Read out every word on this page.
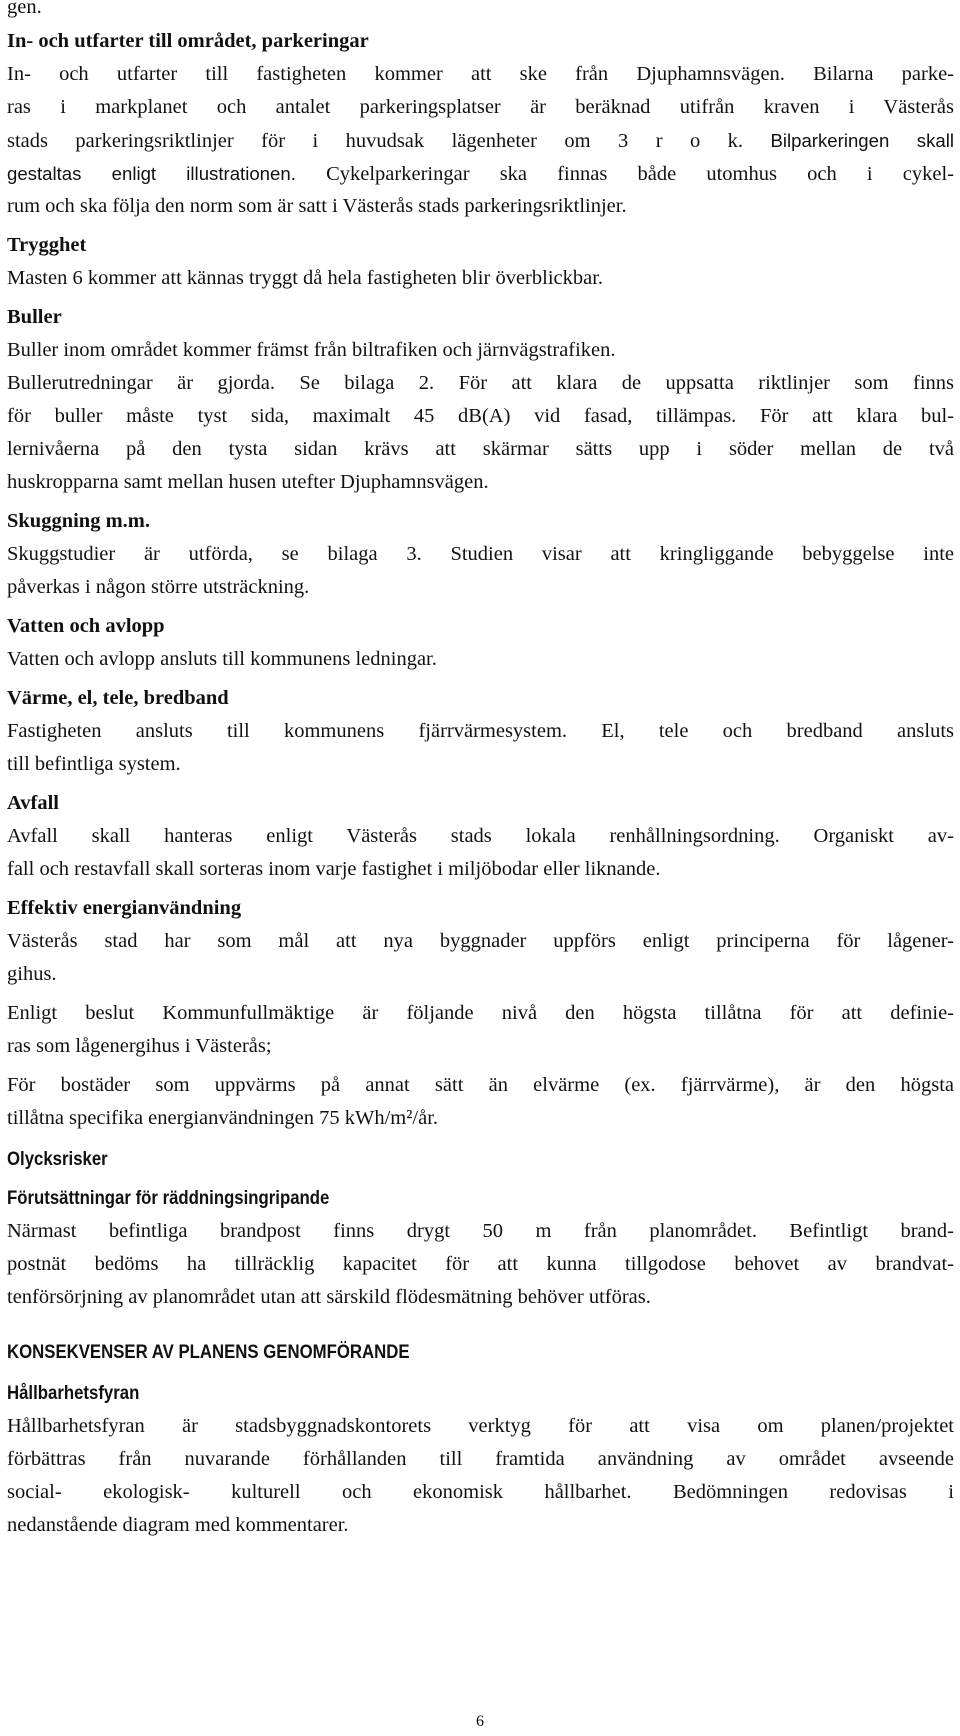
gen.
In- och utfarter till området, parkeringar
In- och utfarter till fastigheten kommer att ske från Djuphamnsvägen. Bilarna parke-
ras i markplanet och antalet parkeringsplatser är beräknad utifrån kraven i Västerås
stads parkeringsriktlinjer för i huvudsak lägenheter om 3 r o k. Bilparkeringen skall
gestaltas enligt illustrationen. Cykelparkeringar ska finnas både utomhus och i cykel-
rum och ska följa den norm som är satt i Västerås stads parkeringsriktlinjer.
Trygghet
Masten 6 kommer att kännas tryggt då hela fastigheten blir överblickbar.
Buller
Buller inom området kommer främst från biltrafiken och järnvägstrafiken.
Bullerutredningar är gjorda. Se bilaga 2. För att klara de uppsatta riktlinjer som finns
för buller måste tyst sida, maximalt 45 dB(A) vid fasad, tillämpas. För att klara bul-
lernivåerna på den tysta sidan krävs att skärmar sätts upp i söder mellan de två
huskropparna samt mellan husen utefter Djuphamnsvägen.
Skuggning m.m.
Skuggstudier är utförda, se bilaga 3. Studien visar att kringliggande bebyggelse inte
påverkas i någon större utsträckning.
Vatten och avlopp
Vatten och avlopp ansluts till kommunens ledningar.
Värme, el, tele, bredband
Fastigheten ansluts till kommunens fjärrvärmesystem. El, tele och bredband ansluts
till befintliga system.
Avfall
Avfall skall hanteras enligt Västerås stads lokala renhållningsordning. Organiskt av-
fall och restavfall skall sorteras inom varje fastighet i miljöbodar eller liknande.
Effektiv energianvändning
Västerås stad har som mål att nya byggnader uppförs enligt principerna för lågener-
gihus.
Enligt beslut Kommunfullmäktige är följande nivå den högsta tillåtna för att definie-
ras som lågenergihus i Västerås;
För bostäder som uppvärms på annat sätt än elvärme (ex. fjärrvärme), är den högsta
tillåtna specifika energianvändningen 75 kWh/m²/år.
Olycksrisker
Förutsättningar för räddningsingripande
Närmast befintliga brandpost finns drygt 50 m från planområdet. Befintligt brand-
postnät bedöms ha tillräcklig kapacitet för att kunna tillgodose behovet av brandvat-
tenförsörjning av planområdet utan att särskild flödesmätning behöver utföras.
KONSEKVENSER AV PLANENS GENOMFÖRANDE
Hållbarhetsfyran
Hållbarhetsfyran är stadsbyggnadskontorets verktyg för att visa om planen/projektet
förbättras från nuvarande förhållanden till framtida användning av området avseende
social- ekologisk- kulturell och ekonomisk hållbarhet. Bedömningen redovisas i
nedanstående diagram med kommentarer.
6
